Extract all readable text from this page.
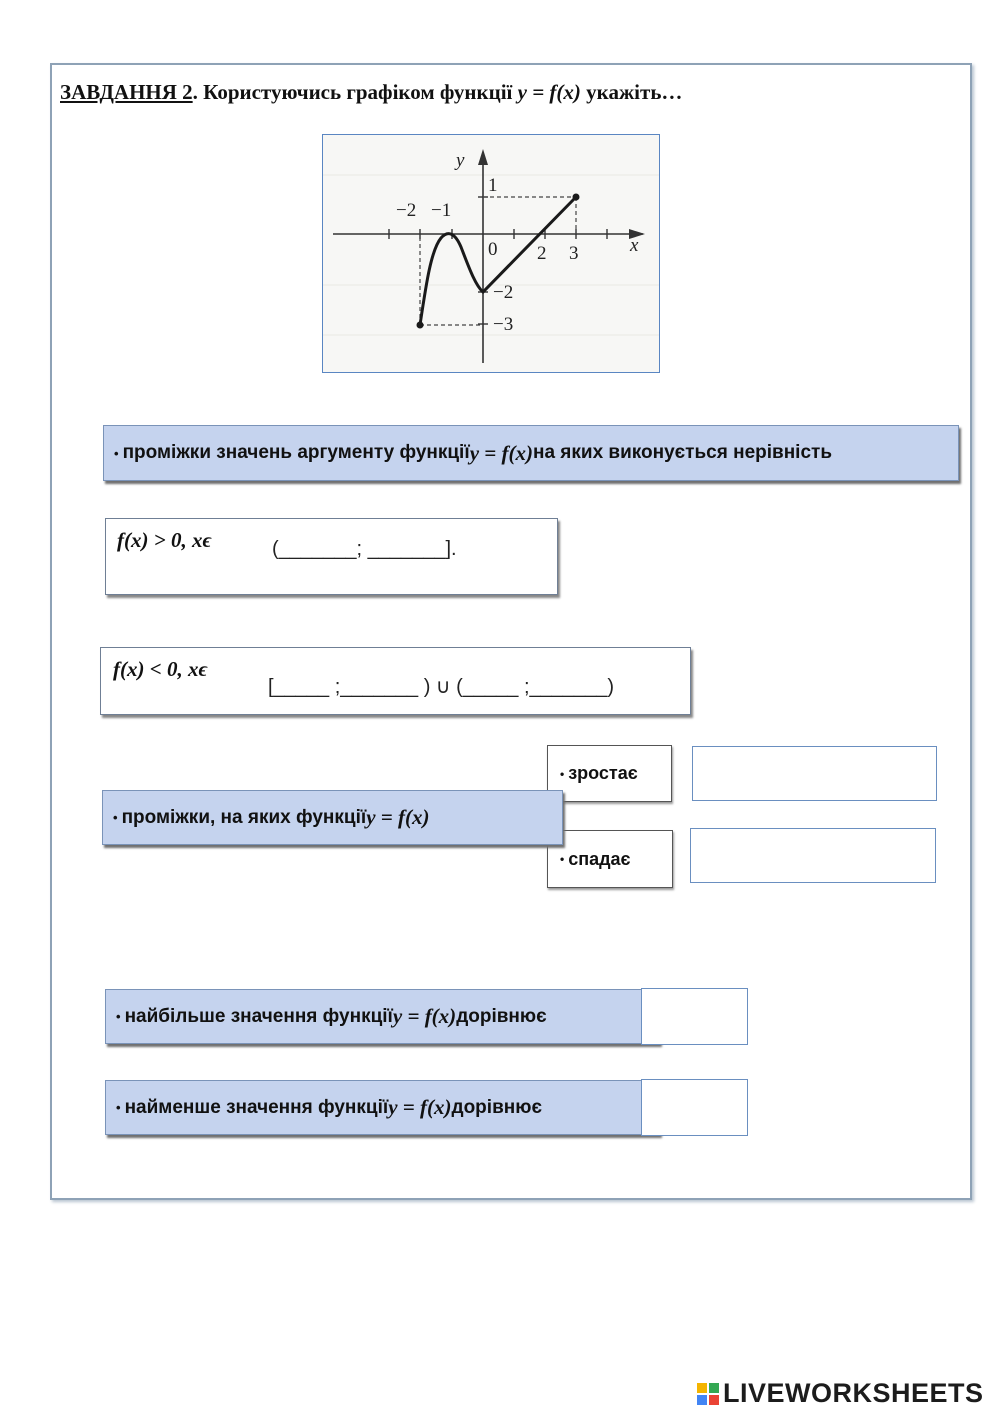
ЗАВДАННЯ 2. Користуючись графіком функції y = f(x) укажіть…
y
x
−2 −1
0 2 3
1
−2
−3
• проміжки значень аргументу функції y = f(x) на яких виконується нерівність
f(x) > 0, xϵ	(_______; _______].
f(x) < 0, xϵ
[_____ ;_______ ) ∪ (_____ ;_______)
• зростає
• проміжки, на яких функції y = f(x)
• спадає
• найбільше значення функції y = f(x) дорівнює
• найменше значення функції y = f(x) дорівнює
LIVEWORKSHEETS
